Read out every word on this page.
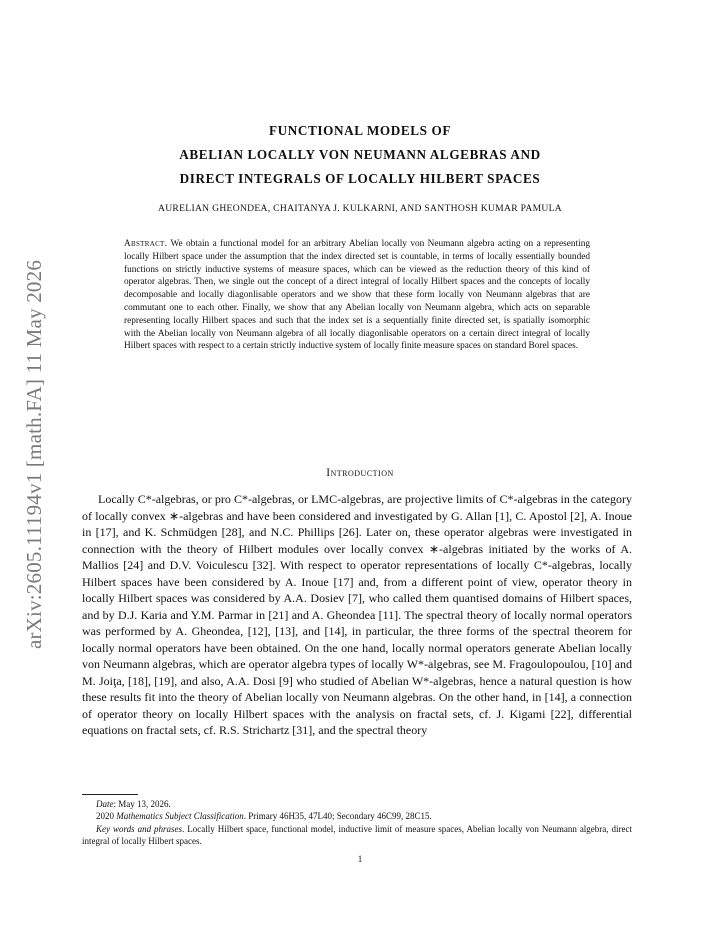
arXiv:2605.11194v1 [math.FA] 11 May 2026
FUNCTIONAL MODELS OF
ABELIAN LOCALLY VON NEUMANN ALGEBRAS AND
DIRECT INTEGRALS OF LOCALLY HILBERT SPACES
AURELIAN GHEONDEA, CHAITANYA J. KULKARNI, AND SANTHOSH KUMAR PAMULA
Abstract. We obtain a functional model for an arbitrary Abelian locally von Neumann algebra acting on a representing locally Hilbert space under the assumption that the index directed set is countable, in terms of locally essentially bounded functions on strictly inductive systems of measure spaces, which can be viewed as the reduction theory of this kind of operator algebras. Then, we single out the concept of a direct integral of locally Hilbert spaces and the concepts of locally decomposable and locally diagonlisable operators and we show that these form locally von Neumann algebras that are commutant one to each other. Finally, we show that any Abelian locally von Neumann algebra, which acts on separable representing locally Hilbert spaces and such that the index set is a sequentially finite directed set, is spatially isomorphic with the Abelian locally von Neumann algebra of all locally diagonlisable operators on a certain direct integral of locally Hilbert spaces with respect to a certain strictly inductive system of locally finite measure spaces on standard Borel spaces.
Introduction

Locally C*-algebras, or pro C*-algebras, or LMC-algebras, are projective limits of C*-algebras in the category of locally convex ∗-algebras and have been considered and investigated by G. Allan [1], C. Apostol [2], A. Inoue in [17], and K. Schmüdgen [28], and N.C. Phillips [26]. Later on, these operator algebras were investigated in connection with the theory of Hilbert modules over locally convex ∗-algebras initiated by the works of A. Mallios [24] and D.V. Voiculescu [32]. With respect to operator representations of locally C*-algebras, locally Hilbert spaces have been considered by A. Inoue [17] and, from a different point of view, operator theory in locally Hilbert spaces was considered by A.A. Dosiev [7], who called them quantised domains of Hilbert spaces, and by D.J. Karia and Y.M. Parmar in [21] and A. Gheondea [11]. The spectral theory of locally normal operators was performed by A. Gheondea, [12], [13], and [14], in particular, the three forms of the spectral theorem for locally normal operators have been obtained. On the one hand, locally normal operators generate Abelian locally von Neumann algebras, which are operator algebra types of locally W*-algebras, see M. Fragoulopoulou, [10] and M. Joiţa, [18], [19], and also, A.A. Dosi [9] who studied of Abelian W*-algebras, hence a natural question is how these results fit into the theory of Abelian locally von Neumann algebras. On the other hand, in [14], a connection of operator theory on locally Hilbert spaces with the analysis on fractal sets, cf. J. Kigami [22], differential equations on fractal sets, cf. R.S. Strichartz [31], and the spectral theory

Date: May 13, 2026.
2020 Mathematics Subject Classification. Primary 46H35, 47L40; Secondary 46C99, 28C15.
Key words and phrases. Locally Hilbert space, functional model, inductive limit of measure spaces, Abelian locally von Neumann algebra, direct integral of locally Hilbert spaces.
1
